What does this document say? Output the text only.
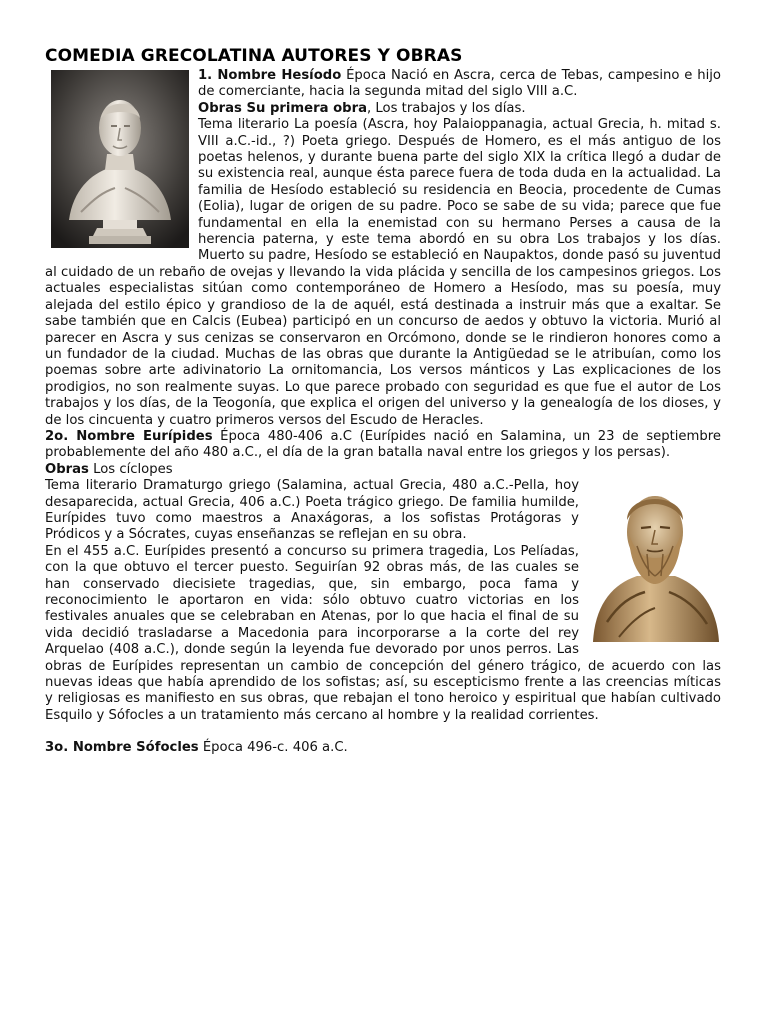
COMEDIA GRECOLATINA AUTORES Y OBRAS

1. Nombre Hesíodo Época Nació en Ascra, cerca de Tebas, campesino e hijo de comerciante, hacia la segunda mitad del siglo VIII a.C.

Obras Su primera obra, Los trabajos y los días.

Tema literario La poesía (Ascra, hoy Palaioppanagia, actual Grecia, h. mitad s. VIII a.C.-id., ?) Poeta griego. Después de Homero, es el más antiguo de los poetas helenos, y durante buena parte del siglo XIX la crítica llegó a dudar de su existencia real, aunque ésta parece fuera de toda duda en la actualidad. La familia de Hesíodo estableció su residencia en Beocia, procedente de Cumas (Eolia), lugar de origen de su padre. Poco se sabe de su vida; parece que fue fundamental en ella la enemistad con su hermano Perses a causa de la herencia paterna, y este tema abordó en su obra Los trabajos y los días. Muerto su padre, Hesíodo se estableció en Naupaktos, donde pasó su juventud al cuidado de un rebaño de ovejas y llevando la vida plácida y sencilla de los campesinos griegos. Los actuales especialistas sitúan como contemporáneo de Homero a Hesíodo, mas su poesía, muy alejada del estilo épico y grandioso de la de aquél, está destinada a instruir más que a exaltar. Se sabe también que en Calcis (Eubea) participó en un concurso de aedos y obtuvo la victoria. Murió al parecer en Ascra y sus cenizas se conservaron en Orcómono, donde se le rindieron honores como a un fundador de la ciudad. Muchas de las obras que durante la Antigüedad se le atribuían, como los poemas sobre arte adivinatorio La ornitomancia, Los versos mánticos y Las explicaciones de los prodigios, no son realmente suyas. Lo que parece probado con seguridad es que fue el autor de Los trabajos y los días, de la Teogonía, que explica el origen del universo y la genealogía de los dioses, y de los cincuenta y cuatro primeros versos del Escudo de Heracles.

2o. Nombre Eurípides Época 480-406 a.C (Eurípides nació en Salamina, un 23 de septiembre probablemente del año 480 a.C., el día de la gran batalla naval entre los griegos y los persas).

Obras Los cíclopes

Tema literario Dramaturgo griego (Salamina, actual Grecia, 480 a.C.-Pella, hoy desaparecida, actual Grecia, 406 a.C.) Poeta trágico griego. De familia humilde, Eurípides tuvo como maestros a Anaxágoras, a los sofistas Protágoras y Pródicos y a Sócrates, cuyas enseñanzas se reflejan en su obra.

En el 455 a.C. Eurípides presentó a concurso su primera tragedia, Los Pelíadas, con la que obtuvo el tercer puesto. Seguirían 92 obras más, de las cuales se han conservado diecisiete tragedias, que, sin embargo, poca fama y reconocimiento le aportaron en vida: sólo obtuvo cuatro victorias en los festivales anuales que se celebraban en Atenas, por lo que hacia el final de su vida decidió trasladarse a Macedonia para incorporarse a la corte del rey Arquelao (408 a.C.), donde según la leyenda fue devorado por unos perros. Las obras de Eurípides representan un cambio de concepción del género trágico, de acuerdo con las nuevas ideas que había aprendido de los sofistas; así, su escepticismo frente a las creencias míticas y religiosas es manifiesto en sus obras, que rebajan el tono heroico y espiritual que habían cultivado Esquilo y Sófocles a un tratamiento más cercano al hombre y la realidad corrientes.

3o. Nombre Sófocles Época 496-c. 406 a.C.
